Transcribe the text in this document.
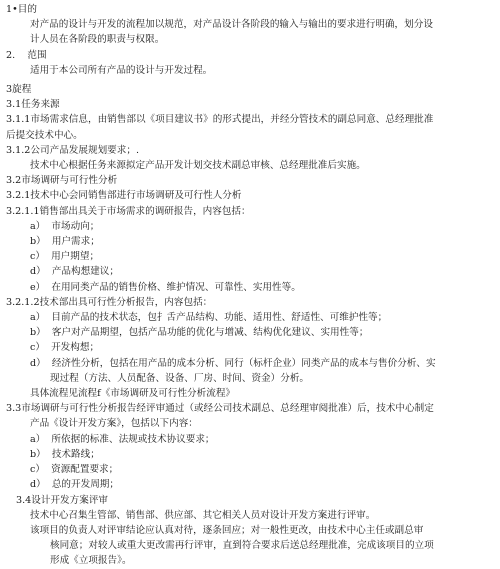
1•目的
对产品的设计与开发的流程加以规范，对产品设计各阶段的输入与输出的要求进行明确，划分设
计人员在各阶段的职责与权限。
2.    范围
适用于本公司所有产品的设计与开发过程。
3旋程
3.1任务来源
3.1.1市场需求信息，由销售部以《项目建议书》的形式提出，并经分管技术的副总同意、总经理批准
后提交技术中心。
3.1.2公司产品发展规划要求；.
技术中心根据任务来源拟定产品开发计划交技术副总审核、总经理批准后实施。
3.2市场调研与可行性分析
3.2.1技术中心会同销售部进行市场调研及可行性人分析
3.2.1.1销售部出具关于市场需求的调研报告，内容包括：
a）  市场动向；
b）  用户需求；
c）  用户期望；
d）  产品构想建议；
e）  在用同类产品的销售价格、维护情况、可靠性、实用性等。
3.2.1.2技术部出具可行性分析报告，内容包括：
a）  目前产品的技术状态，包扌舌产品结构、功能、适用性、舒适性、可维护性等；
b）  客户对产品期望，包括产品功能的优化与增减、结构优化建议、实用性等；
c）  开发构想；
d）  经济性分析，包括在用产品的成本分析、同行（标杆企业）同类产品的成本与售价分析、实
现过程（方法、人员配备、设备、厂房、时间、资金）分析。
具体流程见流程f《市场调研及可行性分析流程》
3.3市场调研与可行性分析报告经评审通过（或经公司技术副总、总经理审阅批准）后，技术中心制定
产品《设计开发方案》，包括以下内容：
a）  所依据的标准、法规或技术协议要求；
b）  技术路线；
c）  资源配置要求；
d）  总的开发周期；
3.4设计开发方案评审
技术中心召集生管部、销售部、供应部、其它相关人员对设计开发方案进行评审。
该项目的负责人对评审结论应认真对待，逐条回应；对一般性更改，由技术中心主任或副总审
核同意；对较人或重大更改需再行评审，直到符合要求后送总经理批准，完成该项目的立项
形成《立项报告》。
